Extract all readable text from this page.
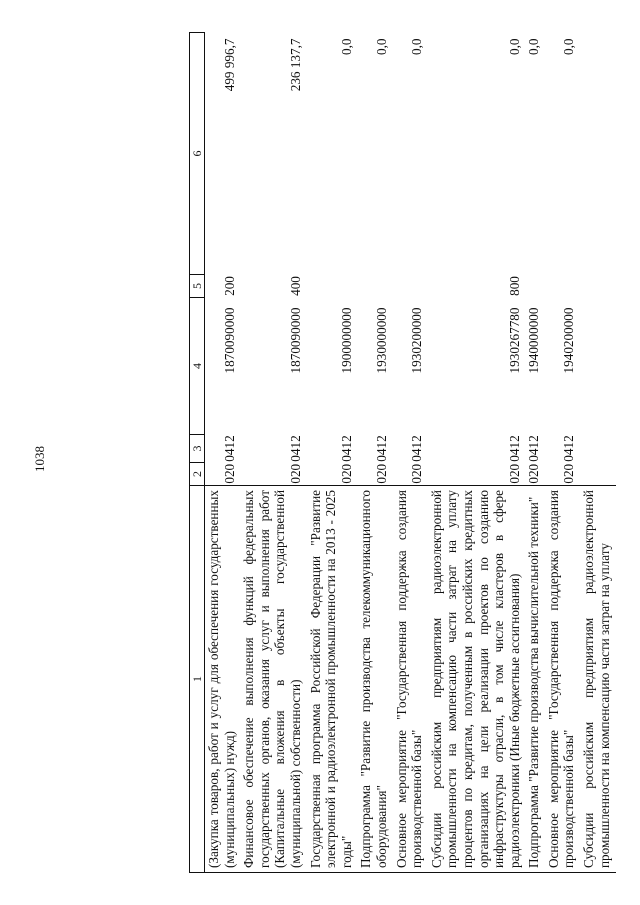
1038
1	2	3	4	5	6
(Закупка товаров, работ и услуг для обеспечения государственных (муниципальных) нужд)	020	0412	1870090000	200	499 996,7
Финансовое обеспечение выполнения функций федеральных государственных органов, оказания услуг и выполнения работ (Капитальные вложения в объекты государственной (муниципальной) собственности)	020	0412	1870090000	400	236 137,7
Государственная программа Российской Федерации "Развитие электронной и радиоэлектронной промышленности на 2013 - 2025 годы"	020	0412	1900000000		0,0
Подпрограмма "Развитие производства телекоммуникационного оборудования"	020	0412	1930000000		0,0
Основное мероприятие "Государственная поддержка создания производственной базы"	020	0412	1930200000		0,0
Субсидии российским предприятиям радиоэлектронной промышленности на компенсацию части затрат на уплату процентов по кредитам, полученным в российских кредитных организациях на цели реализации проектов по созданию инфраструктуры отрасли, в том числе кластеров в сфере радиоэлектроники (Иные бюджетные ассигнования)	020	0412	1930267780	800	0,0
Подпрограмма "Развитие производства вычислительной техники"	020	0412	1940000000		0,0
Основное мероприятие "Государственная поддержка создания производственной базы"	020	0412	1940200000		0,0
Субсидии российским предприятиям радиоэлектронной промышленности на компенсацию части затрат на уплату					
